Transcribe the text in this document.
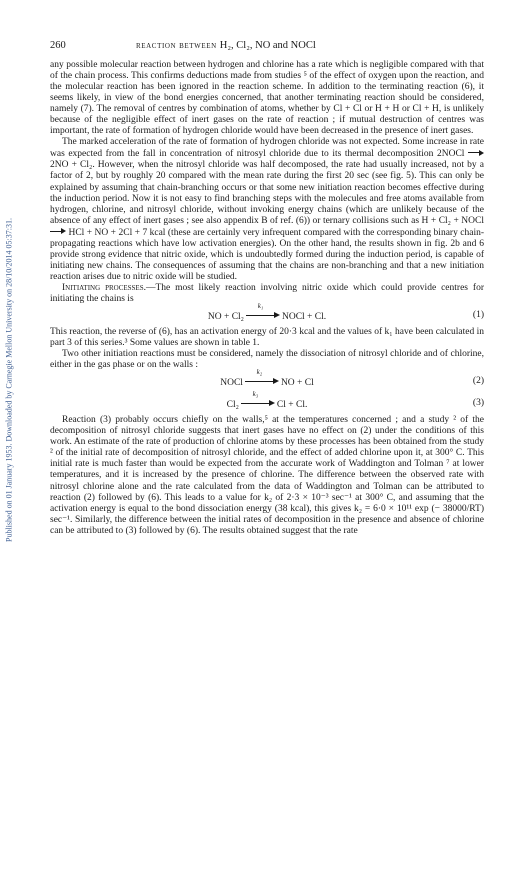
Published on 01 January 1953. Downloaded by Carnegie Mellon University on 28/10/2014 05:37:31.
260	reaction between H₂, Cl₂, NO and NOCl

any possible molecular reaction between hydrogen and chlorine has a rate which is negligible compared with that of the chain process. This confirms deductions made from studies ⁵ of the effect of oxygen upon the reaction, and the molecular reaction has been ignored in the reaction scheme. In addition to the terminating reaction (6), it seems likely, in view of the bond energies concerned, that another terminating reaction should be considered, namely (7). The removal of centres by combination of atoms, whether by Cl + Cl or H + H or Cl + H, is unlikely because of the negligible effect of inert gases on the rate of reaction ; if mutual destruction of centres was important, the rate of formation of hydrogen chloride would have been decreased in the presence of inert gases.

The marked acceleration of the rate of formation of hydrogen chloride was not expected. Some increase in rate was expected from the fall in concentration of nitrosyl chloride due to its thermal decomposition 2NOCl
2NO + Cl₂. However, when the nitrosyl chloride was half decomposed, the rate had usually increased, not by a factor of 2, but by roughly 20 compared with the mean rate during the first 20 sec (see fig. 5). This can only be explained by assuming that chain-branching occurs or that some new initiation reaction becomes effective during the induction period. Now it is not easy to find branching steps with the molecules and free atoms available from hydrogen, chlorine, and nitrosyl chloride, without invoking energy chains (which are unlikely because of the absence of any effect of inert gases ; see also appendix B of ref. (6)) or ternary collisions such as H + Cl₂ + NOCl
HCl + NO + 2Cl + 7 kcal (these are certainly very infrequent compared with the corresponding binary chain-propagating reactions which have low activation energies). On the other hand, the results shown in fig. 2b and 6 provide strong evidence that nitric oxide, which is undoubtedly formed during the induction period, is capable of initiating new chains. The consequences of assuming that the chains are non-branching and that a new initiation reaction arises due to nitric oxide will be studied.

Initiating processes.—The most likely reaction involving nitric oxide which could provide centres for initiating the chains is

NO + Cl₂
k₁
NOCl + Cl.	(1)

This reaction, the reverse of (6), has an activation energy of 20·3 kcal and the values of k₁ have been calculated in part 3 of this series.³ Some values are shown in table 1.

Two other initiation reactions must be considered, namely the dissociation of nitrosyl chloride and of chlorine, either in the gas phase or on the walls :

NOCl
k₂
NO + Cl	(2)
Cl₂
k₃
Cl + Cl.	(3)

Reaction (3) probably occurs chiefly on the walls,⁵ at the temperatures concerned ; and a study ² of the decomposition of nitrosyl chloride suggests that inert gases have no effect on (2) under the conditions of this work. An estimate of the rate of production of chlorine atoms by these processes has been obtained from the study ² of the initial rate of decomposition of nitrosyl chloride, and the effect of added chlorine upon it, at 300° C. This initial rate is much faster than would be expected from the accurate work of Waddington and Tolman ⁷ at lower temperatures, and it is increased by the presence of chlorine. The difference between the observed rate with nitrosyl chlorine alone and the rate calculated from the data of Waddington and Tolman can be attributed to reaction (2) followed by (6). This leads to a value for k₂ of 2·3 × 10⁻³ sec⁻¹ at 300° C, and assuming that the activation energy is equal to the bond dissociation energy (38 kcal), this gives k₂ = 6·0 × 10¹¹ exp (− 38000/RT) sec⁻¹. Similarly, the difference between the initial rates of decomposition in the presence and absence of chlorine can be attributed to (3) followed by (6). The results obtained suggest that the rate
